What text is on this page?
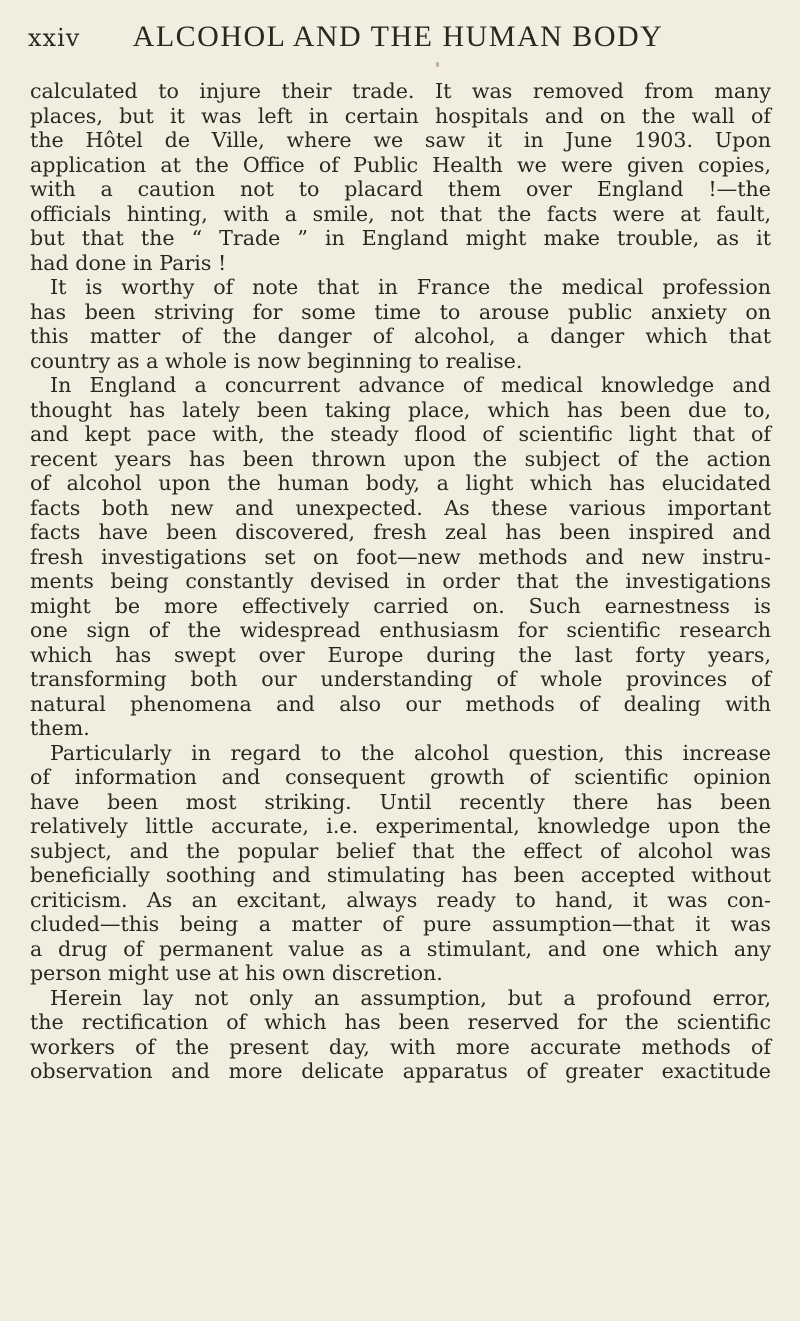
xxiv	ALCOHOL AND THE HUMAN BODY
calculated to injure their trade. It was removed from many
places, but it was left in certain hospitals and on the wall of
the Hôtel de Ville, where we saw it in June 1903. Upon
application at the Office of Public Health we were given copies,
with a caution not to placard them over England !—the
officials hinting, with a smile, not that the facts were at fault,
but that the “ Trade ” in England might make trouble, as it
had done in Paris !
It is worthy of note that in France the medical profession
has been striving for some time to arouse public anxiety on
this matter of the danger of alcohol, a danger which that
country as a whole is now beginning to realise.
In England a concurrent advance of medical knowledge and
thought has lately been taking place, which has been due to,
and kept pace with, the steady flood of scientific light that of
recent years has been thrown upon the subject of the action
of alcohol upon the human body, a light which has elucidated
facts both new and unexpected. As these various important
facts have been discovered, fresh zeal has been inspired and
fresh investigations set on foot—new methods and new instru-
ments being constantly devised in order that the investigations
might be more effectively carried on. Such earnestness is
one sign of the widespread enthusiasm for scientific research
which has swept over Europe during the last forty years,
transforming both our understanding of whole provinces of
natural phenomena and also our methods of dealing with
them.
Particularly in regard to the alcohol question, this increase
of information and consequent growth of scientific opinion
have been most striking. Until recently there has been
relatively little accurate, i.e. experimental, knowledge upon the
subject, and the popular belief that the effect of alcohol was
beneficially soothing and stimulating has been accepted without
criticism. As an excitant, always ready to hand, it was con-
cluded—this being a matter of pure assumption—that it was
a drug of permanent value as a stimulant, and one which any
person might use at his own discretion.
Herein lay not only an assumption, but a profound error,
the rectification of which has been reserved for the scientific
workers of the present day, with more accurate methods of
observation and more delicate apparatus of greater exactitude
